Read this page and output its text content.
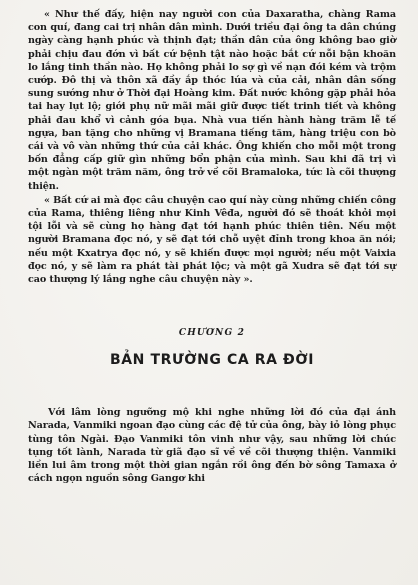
« Như thế đấy, hiện nay người con của Daxaratha, chàng Rama con quí, đang cai trị nhân dân mình. Dưới triều đại ông ta dân chúng ngày càng hạnh phúc và thịnh đạt; thần dân của ông không bao giờ phải chịu đau đớn vì bất cứ bệnh tật nào hoặc bắt cứ nỗi bận khoăn lo lắng tinh thần nào. Họ không phải lo sợ gì về nạn đói kém và trộm cướp. Đô thị và thôn xã đầy ắp thóc lúa và của cải, nhân dân sống sung sướng như ở Thời đại Hoàng kim. Đất nước không gặp phải hỏa tai hay lụt lộ; giới phụ nữ mãi mãi giữ được tiết trinh tiết và không phải đau khổ vì cảnh góa bụa. Nhà vua tiến hành hàng trăm lễ tế ngựa, ban tặng cho những vị Bramana tiếng tăm, hàng triệu con bò cái và vô vàn những thứ của cải khác. Ông khiến cho mỗi một trong bốn đẳng cấp giữ gìn những bổn phận của mình. Sau khi đã trị vì một ngàn một trăm năm, ông trở về cõi Bramaloka, tức là cõi thượng thiện.

« Bất cứ ai mà đọc câu chuyện cao quí này cùng những chiến công của Rama, thiêng liêng như Kinh Vêđa, người đó sẽ thoát khỏi mọi tội lỗi và sẽ cùng họ hàng đạt tới hạnh phúc thiên tiên. Nếu một người Bramana đọc nó, y sẽ đạt tới chỗ uyệt đỉnh trong khoa ăn nói; nếu một Kxatrya đọc nó, y sẽ khiến được mọi người; nếu một Vaixia đọc nó, y sẽ làm ra phát tài phát lộc; và một gã Xudra sẽ đạt tới sự cao thượng lý lắng nghe câu chuyện này ».

CHƯƠNG 2

BẢN TRƯỜNG CA RA ĐỜI

Với lâm lòng ngưỡng mộ khi nghe những lời đó của đại ánh Narada, Vanmiki ngoan đạo cùng các đệ tử của ông, bày iỏ lòng phục tùng tôn Ngài. Đạo Vanmiki tôn vinh như vậy, sau những lời chúc tụng tốt lành, Narada từ giã đạo sĩ về về cõi thượng thiện. Vanmiki liền lui âm trong một thời gian ngắn rồi ông đến bờ sông Tamaxa ở cách ngọn nguồn sông Gangơ khi
